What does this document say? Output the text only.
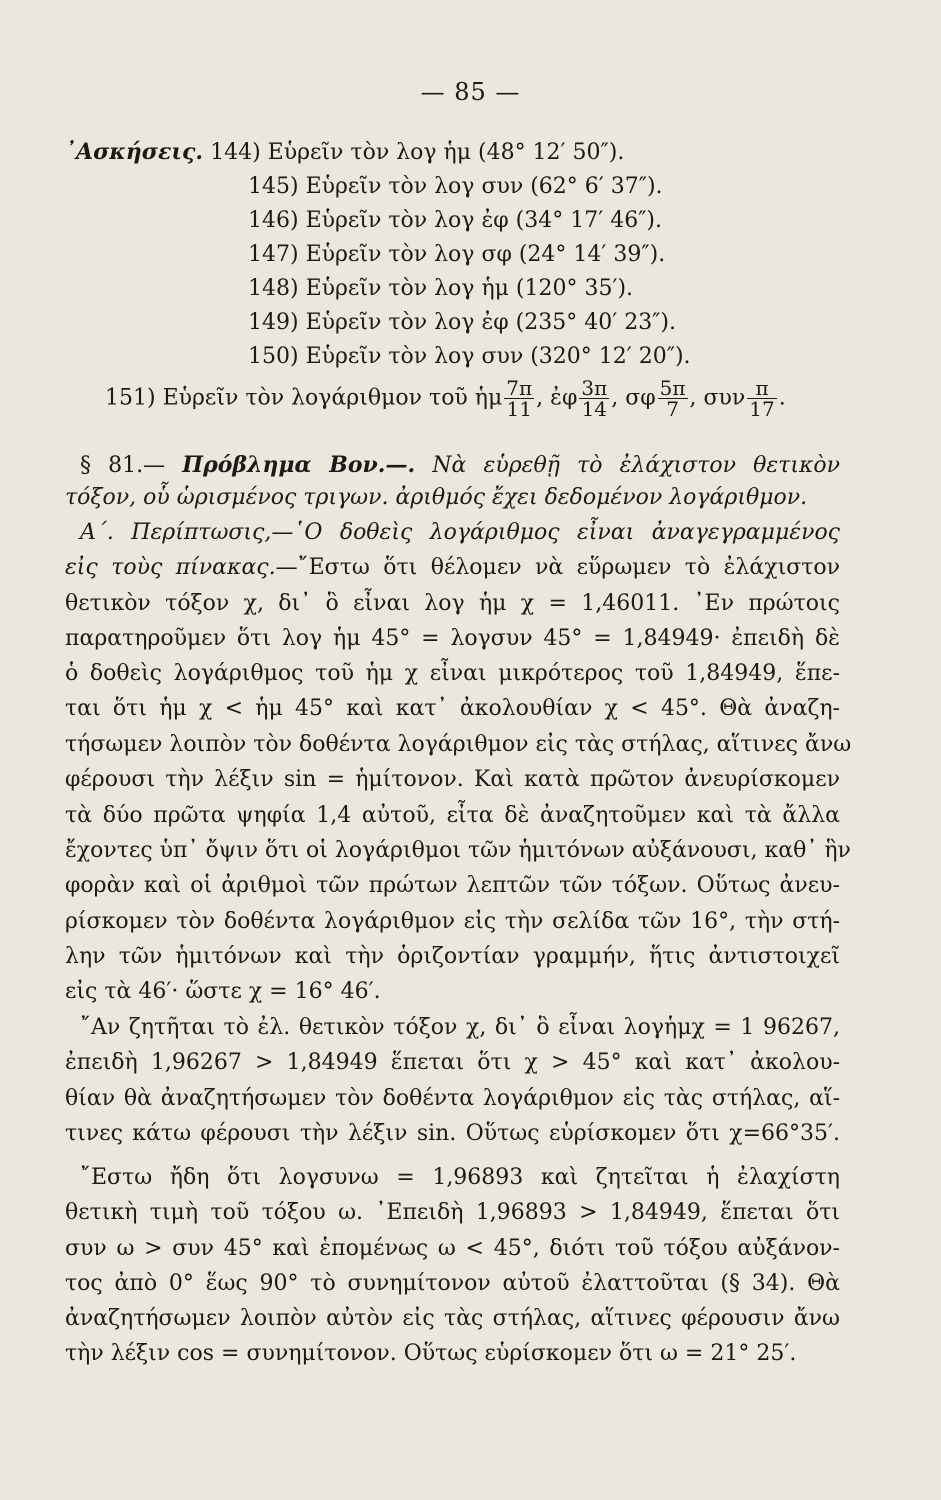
— 85 —
᾽Ασκήσεις. 144) Εὑρεῖν τὸν λογ ἡμ (48° 12′ 50″).
145) Εὑρεῖν τὸν λογ συν (62° 6′ 37″).
146) Εὑρεῖν τὸν λογ ἐφ (34° 17′ 46″).
147) Εὑρεῖν τὸν λογ σφ (24° 14′ 39″).
148) Εὑρεῖν τὸν λογ ἡμ (120° 35′).
149) Εὑρεῖν τὸν λογ ἐφ (235° 40′ 23″).
150) Εὑρεῖν τὸν λογ συν (320° 12′ 20″).
151) Εὑρεῖν τὸν λογάριθμον τοῦ ἡμ $\frac{7\pi}{11}$ , ἐφ $\frac{3\pi}{14}$ , σφ $\frac{5\pi}{7}$ , συν $\frac{\pi}{17}$ .
§ 81.— Πρόβλημα Βον.—. Νὰ εὑρεθῇ τὸ ἐλάχιστον θετικὸν
τόξον, οὗ ὡρισμένος τριγων. ἀριθμός ἔχει δεδομένον λογάριθμον.
Α΄. Περίπτωσις,—῾Ο δοθεὶς λογάριθμος εἶναι ἀναγεγραμμένος
εἰς τοὺς πίνακας.—῎Εστω ὅτι θέλομεν νὰ εὕρωμεν τὸ ἐλάχιστον
θετικὸν τόξον χ, δι᾽ ὃ εἶναι λογ ἡμ χ = 1,46011. ᾽Εν πρώτοις
παρατηροῦμεν ὅτι λογ ἡμ 45° = λογσυν 45° = 1,84949· ἐπειδὴ δὲ
ὁ δοθεὶς λογάριθμος τοῦ ἡμ χ εἶναι μικρότερος τοῦ 1,84949, ἕπε-
ται ὅτι ἡμ χ < ἡμ 45° καὶ κατ᾽ ἀκολουθίαν χ < 45°. Θὰ ἀναζη-
τήσωμεν λοιπὸν τὸν δοθέντα λογάριθμον εἰς τὰς στήλας, αἵτινες ἄνω
φέρουσι τὴν λέξιν sin = ἡμίτονον. Καὶ κατὰ πρῶτον ἀνευρίσκομεν
τὰ δύο πρῶτα ψηφία 1,4 αὐτοῦ, εἶτα δὲ ἀναζητοῦμεν καὶ τὰ ἄλλα
ἔχοντες ὑπ᾽ ὄψιν ὅτι οἱ λογάριθμοι τῶν ἡμιτόνων αὐξάνουσι, καθ᾽ ἣν
φορὰν καὶ οἱ ἀριθμοὶ τῶν πρώτων λεπτῶν τῶν τόξων. Οὕτως ἀνευ-
ρίσκομεν τὸν δοθέντα λογάριθμον εἰς τὴν σελίδα τῶν 16°, τὴν στή-
λην τῶν ἡμιτόνων καὶ τὴν ὁριζοντίαν γραμμήν, ἥτις ἀντιστοιχεῖ
εἰς τὰ 46′· ὥστε χ = 16° 46′.
῎Αν ζητῆται τὸ ἐλ. θετικὸν τόξον χ, δι᾽ ὃ εἶναι λογἡμχ = 1 96267,
ἐπειδὴ 1,96267 > 1,84949 ἕπεται ὅτι χ > 45° καὶ κατ᾽ ἀκολου-
θίαν θὰ ἀναζητήσωμεν τὸν δοθέντα λογάριθμον εἰς τὰς στήλας, αἵ-
τινες κάτω φέρουσι τὴν λέξιν sin. Οὕτως εὑρίσκομεν ὅτι χ=66°35′.
῎Εστω ἤδη ὅτι λογσυνω = 1,96893 καὶ ζητεῖται ἡ ἐλαχίστη
θετικὴ τιμὴ τοῦ τόξου ω. ᾽Επειδὴ 1,96893 > 1,84949, ἕπεται ὅτι
συν ω > συν 45° καὶ ἑπομένως ω < 45°, διότι τοῦ τόξου αὐξάνον-
τος ἀπὸ 0° ἕως 90° τὸ συνημίτονον αὐτοῦ ἐλαττοῦται (§ 34). Θὰ
ἀναζητήσωμεν λοιπὸν αὐτὸν εἰς τὰς στήλας, αἵτινες φέρουσιν ἄνω
τὴν λέξιν cos = συνημίτονον. Οὕτως εὑρίσκομεν ὅτι ω = 21° 25′.
